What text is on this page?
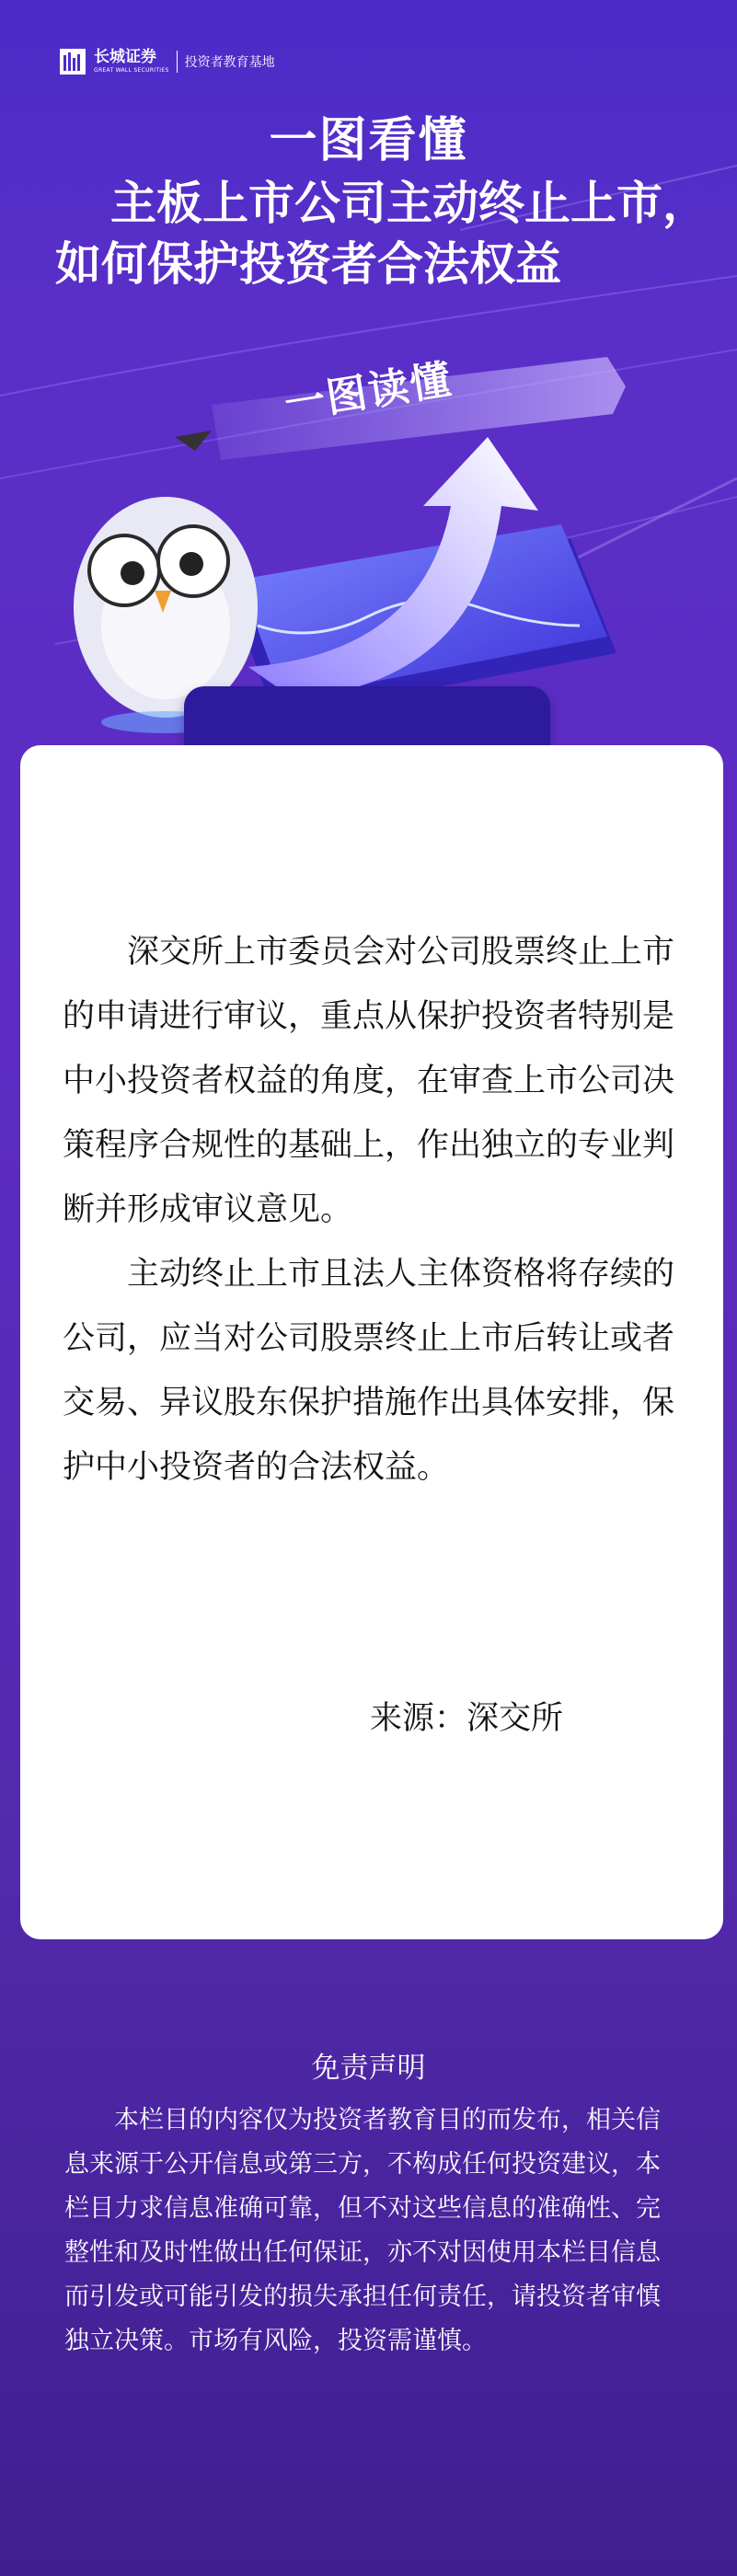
长城证券
GREAT WALL SECURITIES
投资者教育基地
一图看懂
主板上市公司主动终止上市，如何保护投资者合法权益
一图读懂

深交所上市委员会对公司股票终止上市的申请进行审议，重点从保护投资者特别是中小投资者权益的角度，在审查上市公司决策程序合规性的基础上，作出独立的专业判断并形成审议意见。

主动终止上市且法人主体资格将存续的公司，应当对公司股票终止上市后转让或者交易、异议股东保护措施作出具体安排，保护中小投资者的合法权益。

来源：深交所
免责声明
本栏目的内容仅为投资者教育目的而发布，相关信息来源于公开信息或第三方，不构成任何投资建议，本栏目力求信息准确可靠，但不对这些信息的准确性、完整性和及时性做出任何保证，亦不对因使用本栏目信息而引发或可能引发的损失承担任何责任，请投资者审慎独立决策。市场有风险，投资需谨慎。
